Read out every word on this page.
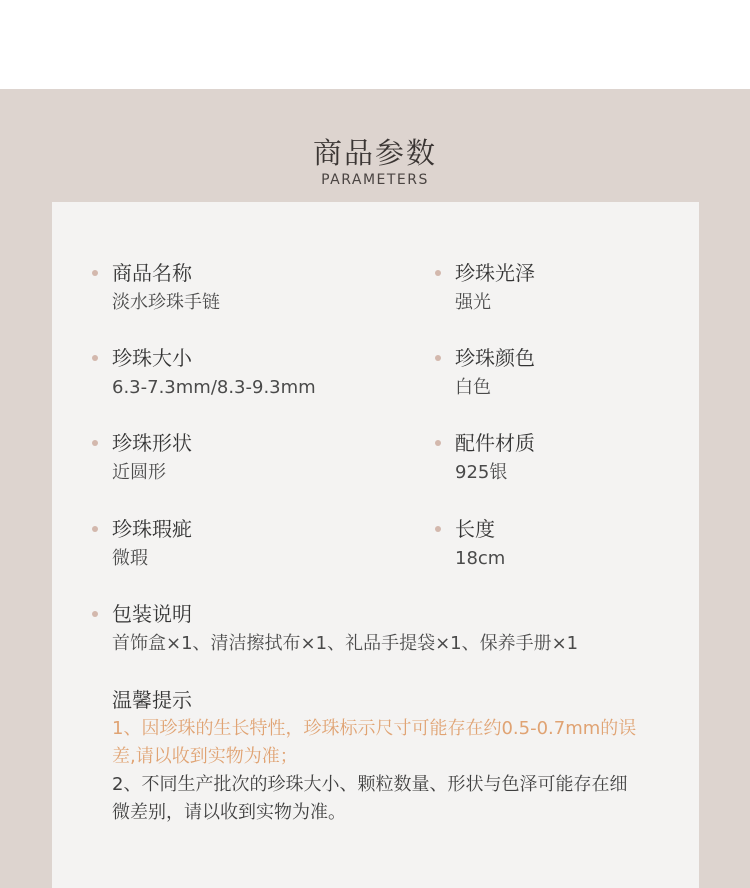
商品参数
PARAMETERS
商品名称
淡水珍珠手链
珍珠大小
6.3-7.3mm/8.3-9.3mm
珍珠形状
近圆形
珍珠瑕疵
微瑕
珍珠光泽
强光
珍珠颜色
白色
配件材质
925银
长度
18cm
包装说明
首饰盒×1、清洁擦拭布×1、礼品手提袋×1、保养手册×1
温馨提示
1、因珍珠的生长特性，珍珠标示尺寸可能存在约0.5-0.7mm的误差,请以收到实物为准；
2、不同生产批次的珍珠大小、颗粒数量、形状与色泽可能存在细微差别，请以收到实物为准。
